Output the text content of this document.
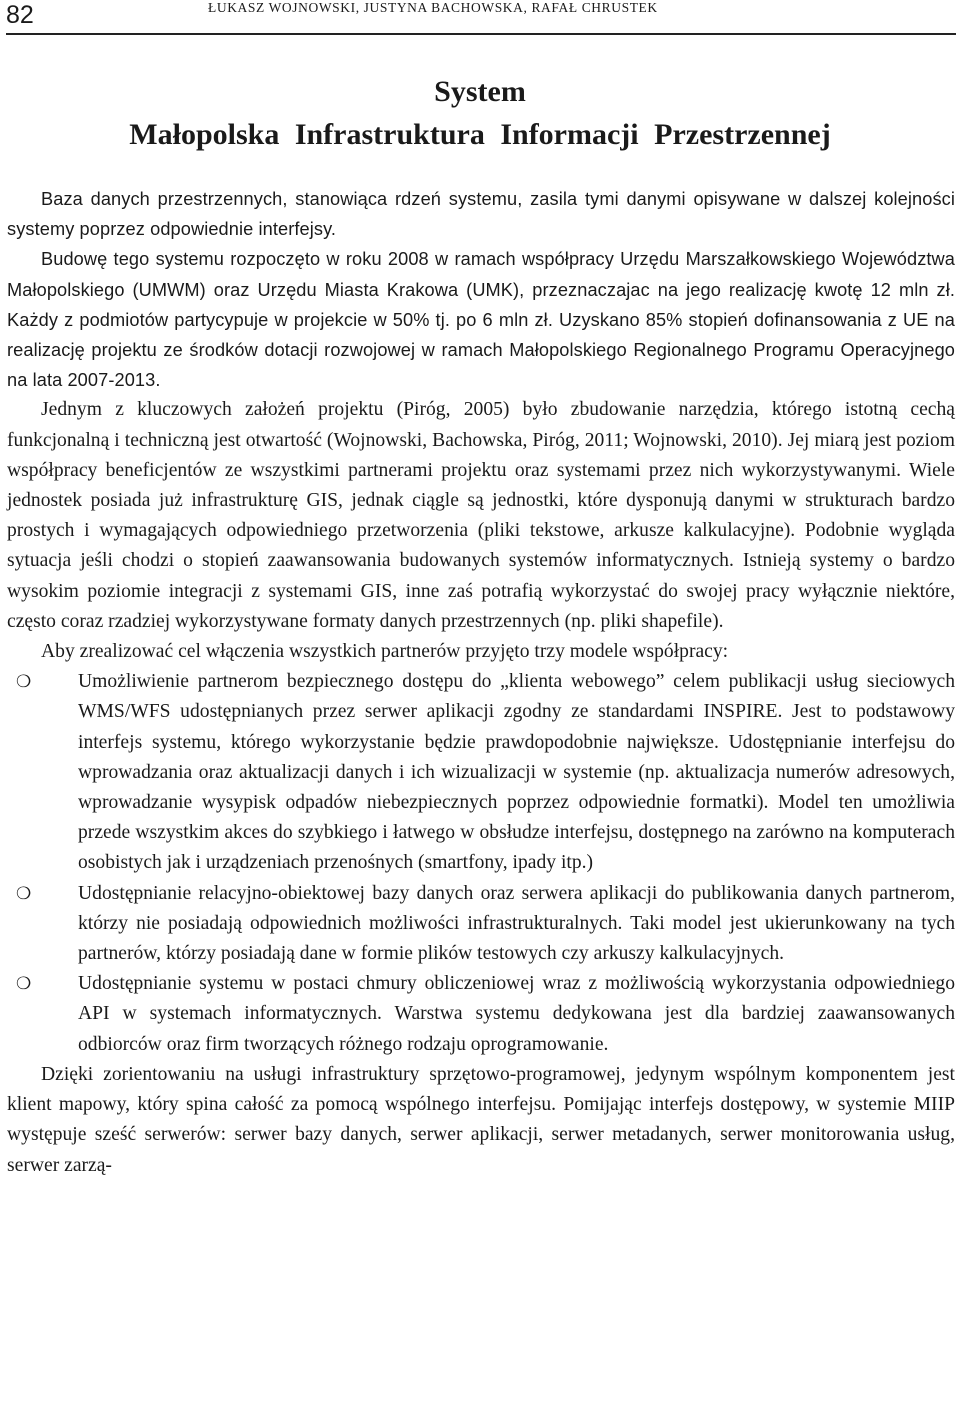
82	ŁUKASZ WOJNOWSKI, JUSTYNA BACHOWSKA, RAFAŁ CHRUSTEK
System
Małopolska Infrastruktura Informacji Przestrzennej

Baza danych przestrzennych, stanowiąca rdzeń systemu, zasila tymi danymi opisywane w dalszej kolejności systemy poprzez odpowiednie interfejsy.

Budowę tego systemu rozpoczęto w roku 2008 w ramach współpracy Urzędu Marszałkowskiego Województwa Małopolskiego (UMWM) oraz Urzędu Miasta Krakowa (UMK), przeznaczajac na jego realizację kwotę 12 mln zł. Każdy z podmiotów partycypuje w projekcie w 50% tj. po 6 mln zł. Uzyskano 85% stopień dofinansowania z UE na realizację projektu ze środków dotacji rozwojowej w ramach Małopolskiego Regionalnego Programu Operacyjnego na lata 2007-2013.

Jednym z kluczowych założeń projektu (Piróg, 2005) było zbudowanie narzędzia, którego istotną cechą funkcjonalną i techniczną jest otwartość (Wojnowski, Bachowska, Piróg, 2011; Wojnowski, 2010). Jej miarą jest poziom współpracy beneficjentów ze wszystkimi partnerami projektu oraz systemami przez nich wykorzystywanymi. Wiele jednostek posiada już infrastrukturę GIS, jednak ciągle są jednostki, które dysponują danymi w strukturach bardzo prostych i wymagających odpowiedniego przetworzenia (pliki tekstowe, arkusze kalkulacyjne). Podobnie wygląda sytuacja jeśli chodzi o stopień zaawansowania budowanych systemów informatycznych. Istnieją systemy o bardzo wysokim poziomie integracji z systemami GIS, inne zaś potrafią wykorzystać do swojej pracy wyłącznie niektóre, często coraz rzadziej wykorzystywane formaty danych przestrzennych (np. pliki shapefile).

Aby zrealizować cel włączenia wszystkich partnerów przyjęto trzy modele współpracy:

❍ Umożliwienie partnerom bezpiecznego dostępu do „klienta webowego” celem publikacji usług sieciowych WMS/WFS udostępnianych przez serwer aplikacji zgodny ze standardami INSPIRE. Jest to podstawowy interfejs systemu, którego wykorzystanie będzie prawdopodobnie największe. Udostępnianie interfejsu do wprowadzania oraz aktualizacji danych i ich wizualizacji w systemie (np. aktualizacja numerów adresowych, wprowadzanie wysypisk odpadów niebezpiecznych poprzez odpowiednie formatki). Model ten umożliwia przede wszystkim akces do szybkiego i łatwego w obsłudze interfejsu, dostępnego na zarówno na komputerach osobistych jak i urządzeniach przenośnych (smartfony, ipady itp.)
❍ Udostępnianie relacyjno-obiektowej bazy danych oraz serwera aplikacji do publikowania danych partnerom, którzy nie posiadają odpowiednich możliwości infrastrukturalnych. Taki model jest ukierunkowany na tych partnerów, którzy posiadają dane w formie plików testowych czy arkuszy kalkulacyjnych.
❍ Udostępnianie systemu w postaci chmury obliczeniowej wraz z możliwością wykorzystania odpowiedniego API w systemach informatycznych. Warstwa systemu dedykowana jest dla bardziej zaawansowanych odbiorców oraz firm tworzących różnego rodzaju oprogramowanie.

Dzięki zorientowaniu na usługi infrastruktury sprzętowo-programowej, jedynym wspólnym komponentem jest klient mapowy, który spina całość za pomocą wspólnego interfejsu. Pomijając interfejs dostępowy, w systemie MIIP występuje sześć serwerów: serwer bazy danych, serwer aplikacji, serwer metadanych, serwer monitorowania usług, serwer zarzą-
